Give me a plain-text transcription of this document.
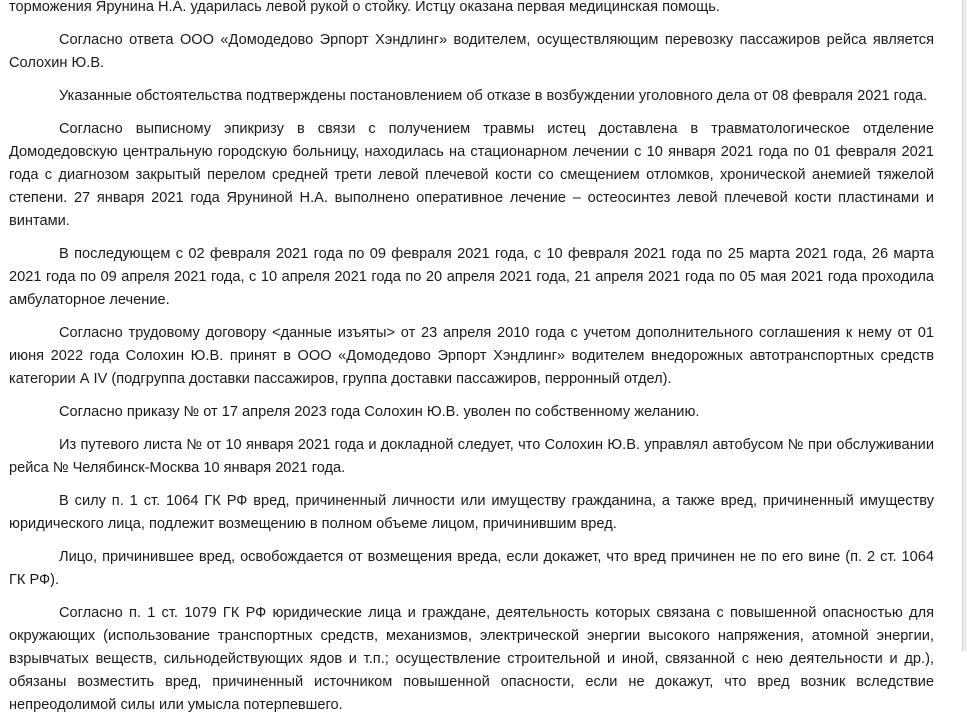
торможения Ярунина Н.А. ударилась левой рукой о стойку. Истцу оказана первая медицинская помощь.

Согласно ответа ООО «Домодедово Эрпорт Хэндлинг» водителем, осуществляющим перевозку пассажиров рейса является Солохин Ю.В.

Указанные обстоятельства подтверждены постановлением об отказе в возбуждении уголовного дела от 08 февраля 2021 года.

Согласно выписному эпикризу в связи с получением травмы истец доставлена в травматологическое отделение Домодедовскую центральную городскую больницу, находилась на стационарном лечении с 10 января 2021 года по 01 февраля 2021 года с диагнозом закрытый перелом средней трети левой плечевой кости со смещением отломков, хронической анемией тяжелой степени. 27 января 2021 года Ярунинoй Н.А. выполнено оперативное лечение – остеосинтез левой плечевой кости пластинами и винтами.

В последующем с 02 февраля 2021 года по 09 февраля 2021 года, с 10 февраля 2021 года по 25 марта 2021 года, 26 марта 2021 года по 09 апреля 2021 года, с 10 апреля 2021 года по 20 апреля 2021 года, 21 апреля 2021 года по 05 мая 2021 года проходила амбулаторное лечение.

Согласно трудовому договору <данные изъяты> от 23 апреля 2010 года с учетом дополнительного соглашения к нему от 01 июня 2022 года Солохин Ю.В. принят в ООО «Домодедово Эрпорт Хэндлинг» водителем внедорожных автотранспортных средств категории А IV (подгруппа доставки пассажиров, группа доставки пассажиров, перронный отдел).

Согласно приказу № от 17 апреля 2023 года Солохин Ю.В. уволен по собственному желанию.

Из путевого листа № от 10 января 2021 года и докладной следует, что Солохин Ю.В. управлял автобусом № при обслуживании рейса № Челябинск-Москва 10 января 2021 года.

В силу п. 1 ст. 1064 ГК РФ вред, причиненный личности или имуществу гражданина, а также вред, причиненный имуществу юридического лица, подлежит возмещению в полном объеме лицом, причинившим вред.

Лицо, причинившее вред, освобождается от возмещения вреда, если докажет, что вред причинен не по его вине (п. 2 ст. 1064 ГК РФ).

Согласно п. 1 ст. 1079 ГК РФ юридические лица и граждане, деятельность которых связана с повышенной опасностью для окружающих (использование транспортных средств, механизмов, электрической энергии высокого напряжения, атомной энергии, взрывчатых веществ, сильнодействующих ядов и т.п.; осуществление строительной и иной, связанной с нею деятельности и др.), обязаны возместить вред, причиненный источником повышенной опасности, если не докажут, что вред возник вследствие непреодолимой силы или умысла потерпевшего.
